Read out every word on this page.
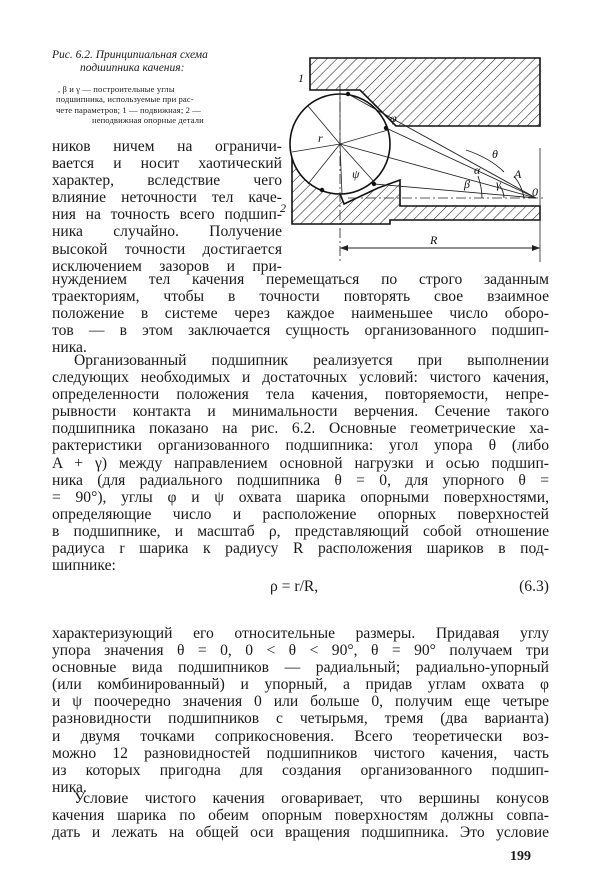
Рис. 6.2. Принципиальная схема
подшипника качения:
, β и γ — построительные углы
подшипника, используемые при рас-
чете параметров; 1 — подвижная; 2 —
неподвижная опорные детали
1
2
r
φ
ψ
θ
α
β γ
A
0
R
ников ничем на ограничи-
вается и носит хаотический
характер, вследствие чего
влияние неточности тел каче-
ния на точность всего подшип-
ника случайно. Получение
высокой точности достигается
исключением зазоров и при-
нуждением тел качения перемещаться по строго заданным
траекториям, чтобы в точности повторять свое взаимное
положение в системе через каждое наименьшее число оборо-
тов — в этом заключается сущность организованного подшип-
ника.
Организованный подшипник реализуется при выполнении
следующих необходимых и достаточных условий: чистого качения,
определенности положения тела качения, повторяемости, непре-
рывности контакта и минимальности верчения. Сечение такого
подшипника показано на рис. 6.2. Основные геометрические ха-
рактеристики организованного подшипника: угол упора θ (либо
A + γ) между направлением основной нагрузки и осью подшип-
ника (для радиального подшипника θ = 0, для упорного θ =
= 90°), углы φ и ψ охвата шарика опорными поверхностями,
определяющие число и расположение опорных поверхностей
в подшипнике, и масштаб ρ, представляющий собой отношение
радиуса r шарика к радиусу R расположения шариков в под-
шипнике:
ρ = r/R,	(6.3)
характеризующий его относительные размеры. Придавая углу
упора значения θ = 0, 0 < θ < 90°, θ = 90° получаем три
основные вида подшипников — радиальный; радиально-упорный
(или комбинированный) и упорный, а придав углам охвата φ
и ψ поочередно значения 0 или больше 0, получим еще четыре
разновидности подшипников с четырьмя, тремя (два варианта)
и двумя точками соприкосновения. Всего теоретически воз-
можно 12 разновидностей подшипников чистого качения, часть
из которых пригодна для создания организованного подшип-
ника.
Условие чистого качения оговаривает, что вершины конусов
качения шарика по обеим опорным поверхностям должны совпа-
дать и лежать на общей оси вращения подшипника. Это условие
199
